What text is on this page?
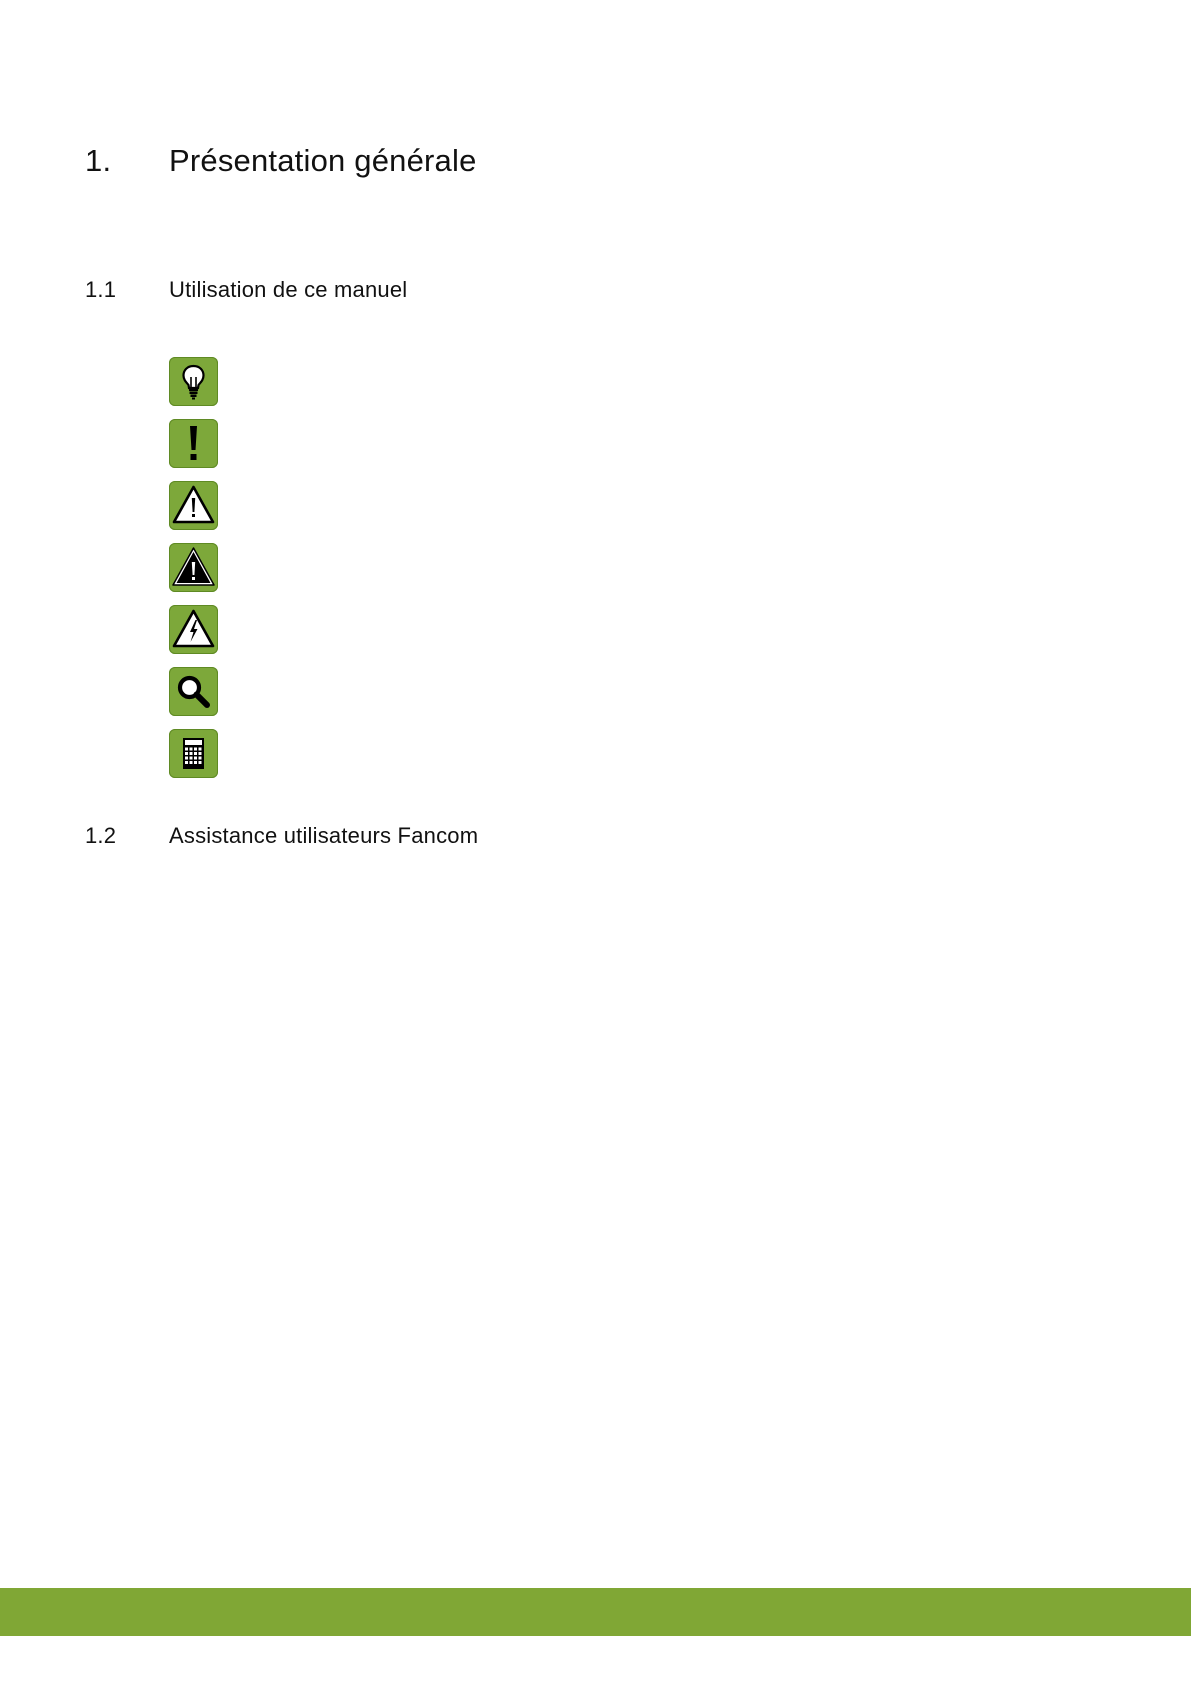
1.	Présentation générale
1.1	Utilisation de ce manuel
1.2	Assistance utilisateurs Fancom
